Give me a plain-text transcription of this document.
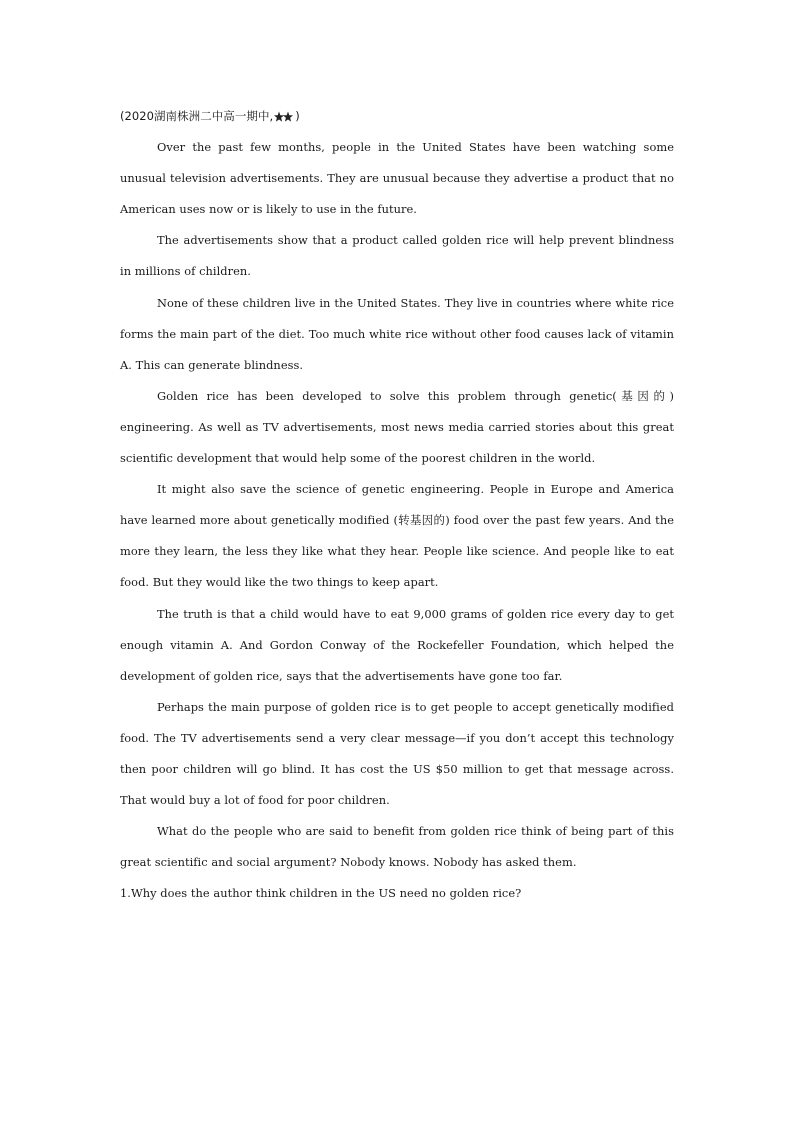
(2020湖南株洲二中高一期中, )

Over the past few months, people in the United States have been watching some unusual television advertisements. They are unusual because they advertise a product that no American uses now or is likely to use in the future.

The advertisements show that a product called golden rice will help prevent blindness in millions of children.

None of these children live in the United States. They live in countries where white rice forms the main part of the diet. Too much white rice without other food causes lack of vitamin A. This can generate blindness.

Golden rice has been developed to solve this problem through genetic(基因的) engineering. As well as TV advertisements, most news media carried stories about this great scientific development that would help some of the poorest children in the world.

It might also save the science of genetic engineering. People in Europe and America have learned more about genetically modified (转基因的) food over the past few years. And the more they learn, the less they like what they hear. People like science. And people like to eat food. But they would like the two things to keep apart.

The truth is that a child would have to eat 9,000 grams of golden rice every day to get enough vitamin A. And Gordon Conway of the Rockefeller Foundation, which helped the development of golden rice, says that the advertisements have gone too far.

Perhaps the main purpose of golden rice is to get people to accept genetically modified food. The TV advertisements send a very clear message—if you don’t accept this technology then poor children will go blind. It has cost the US $50 million to get that message across. That would buy a lot of food for poor children.

What do the people who are said to benefit from golden rice think of being part of this great scientific and social argument? Nobody knows. Nobody has asked them.

1.Why does the author think children in the US need no golden rice?
